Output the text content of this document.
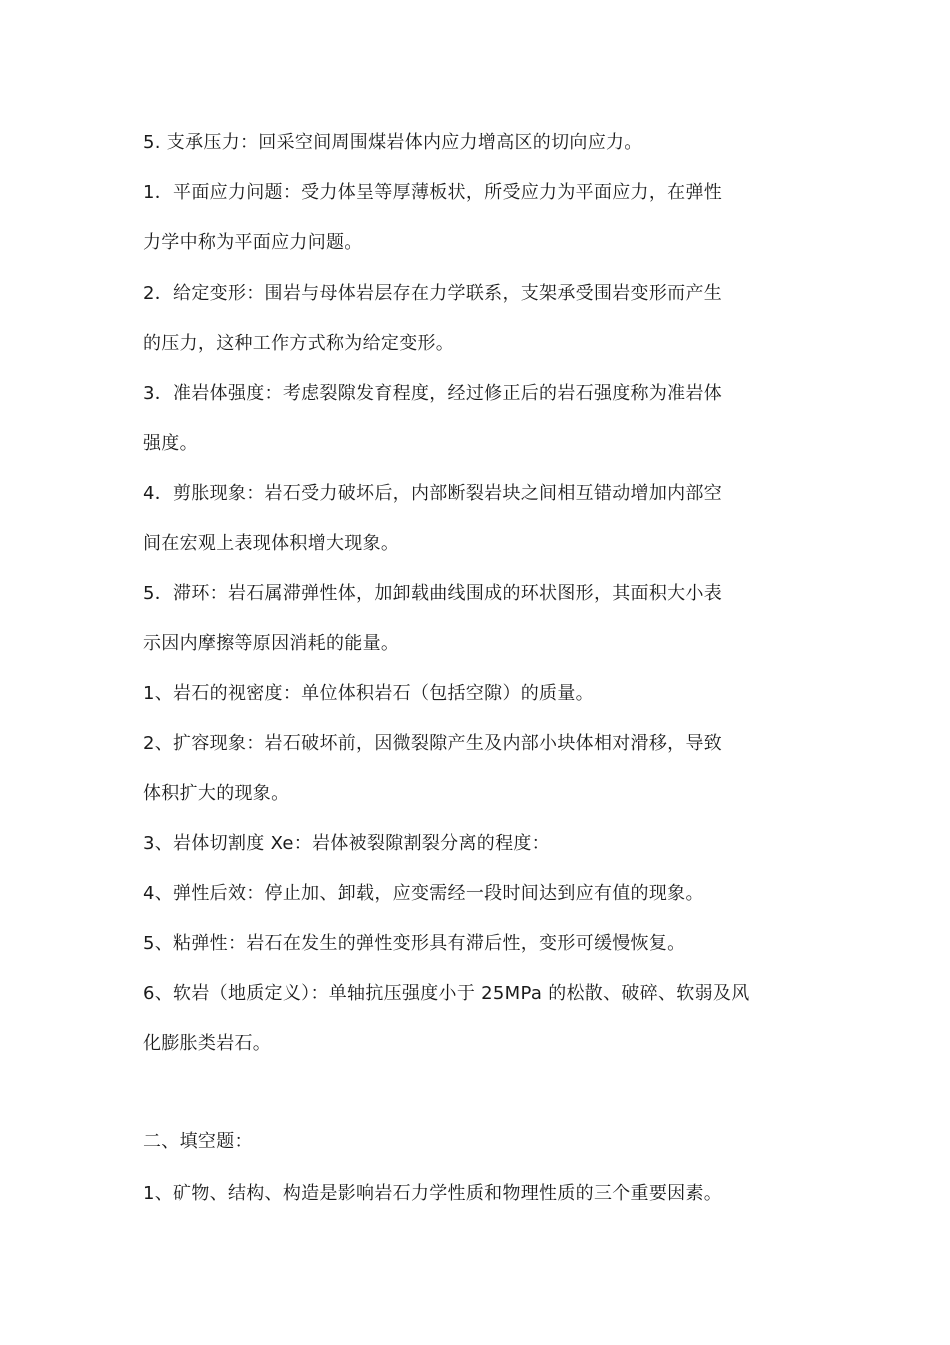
5. 支承压力：回采空间周围煤岩体内应力增高区的切向应力。
1．平面应力问题：受力体呈等厚薄板状，所受应力为平面应力，在弹性
力学中称为平面应力问题。
2．给定变形：围岩与母体岩层存在力学联系，支架承受围岩变形而产生
的压力，这种工作方式称为给定变形。
3．准岩体强度：考虑裂隙发育程度，经过修正后的岩石强度称为准岩体
强度。
4．剪胀现象：岩石受力破坏后，内部断裂岩块之间相互错动增加内部空
间在宏观上表现体积增大现象。
5．滞环：岩石属滞弹性体，加卸载曲线围成的环状图形，其面积大小表
示因内摩擦等原因消耗的能量。
1、岩石的视密度：单位体积岩石（包括空隙）的质量。
2、扩容现象：岩石破坏前，因微裂隙产生及内部小块体相对滑移，导致
体积扩大的现象。
3、岩体切割度 Xe：岩体被裂隙割裂分离的程度：
4、弹性后效：停止加、卸载，应变需经一段时间达到应有值的现象。
5、粘弹性：岩石在发生的弹性变形具有滞后性，变形可缓慢恢复。
6、软岩（地质定义）：单轴抗压强度小于 25MPa 的松散、破碎、软弱及风
化膨胀类岩石。
二、填空题：
1、矿物、结构、构造是影响岩石力学性质和物理性质的三个重要因素。
